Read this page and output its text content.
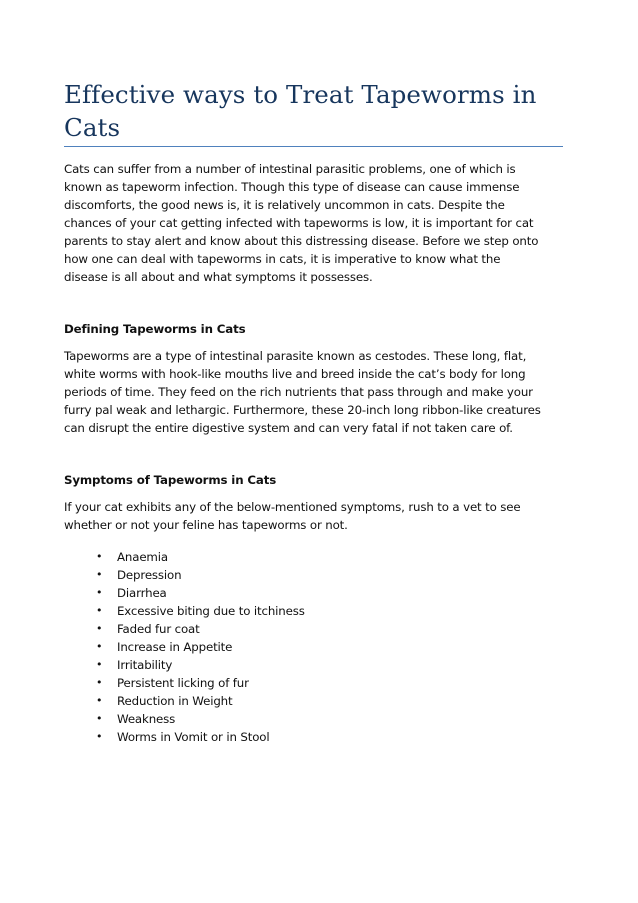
Effective ways to Treat Tapeworms in
Cats

Cats can suffer from a number of intestinal parasitic problems, one of which is
known as tapeworm infection. Though this type of disease can cause immense
discomforts, the good news is, it is relatively uncommon in cats. Despite the
chances of your cat getting infected with tapeworms is low, it is important for cat
parents to stay alert and know about this distressing disease. Before we step onto
how one can deal with tapeworms in cats, it is imperative to know what the
disease is all about and what symptoms it possesses.

Defining Tapeworms in Cats

Tapeworms are a type of intestinal parasite known as cestodes. These long, flat,
white worms with hook-like mouths live and breed inside the cat’s body for long
periods of time. They feed on the rich nutrients that pass through and make your
furry pal weak and lethargic. Furthermore, these 20-inch long ribbon-like creatures
can disrupt the entire digestive system and can very fatal if not taken care of.

Symptoms of Tapeworms in Cats

If your cat exhibits any of the below-mentioned symptoms, rush to a vet to see
whether or not your feline has tapeworms or not.

• Anaemia
• Depression
• Diarrhea
• Excessive biting due to itchiness
• Faded fur coat
• Increase in Appetite
• Irritability
• Persistent licking of fur
• Reduction in Weight
• Weakness
• Worms in Vomit or in Stool
